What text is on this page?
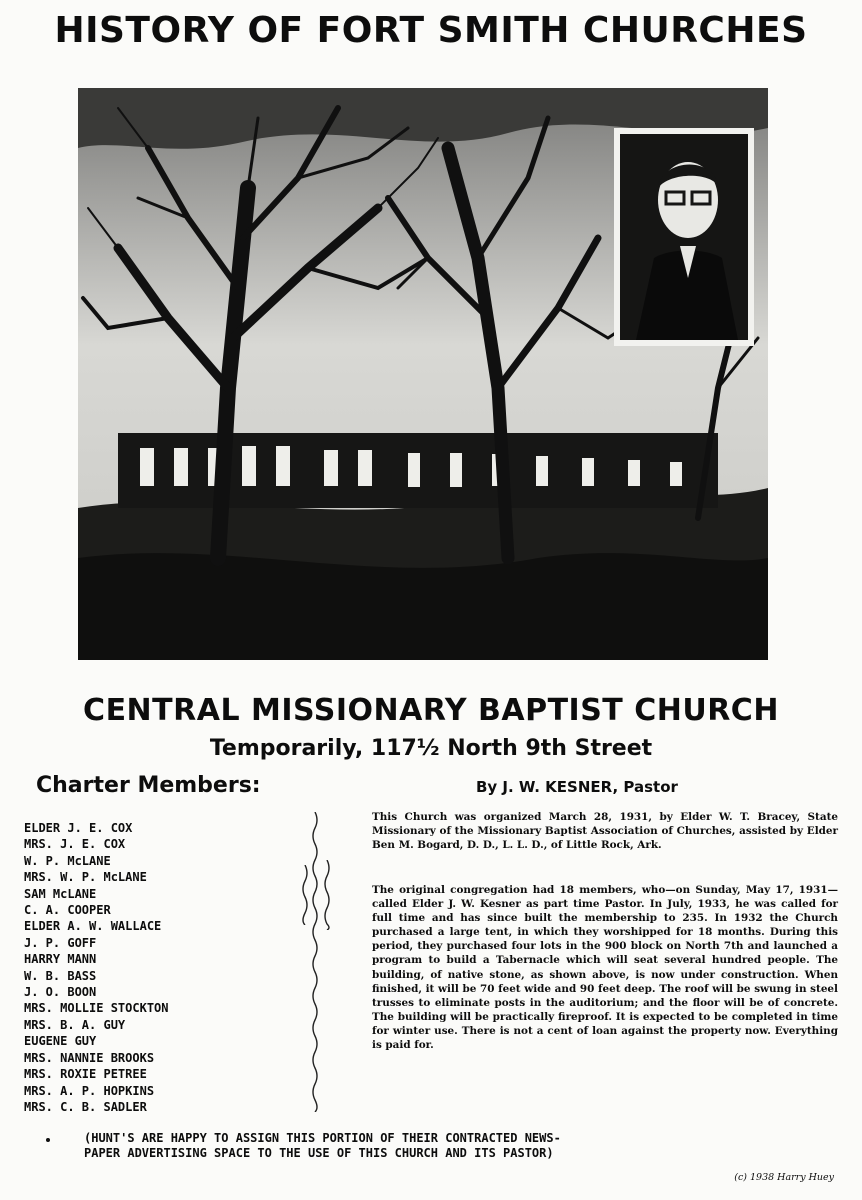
HISTORY OF FORT SMITH CHURCHES
CENTRAL MISSIONARY BAPTIST CHURCH
Temporarily, 117½ North 9th Street
Charter Members:	By J. W. KESNER, Pastor
ELDER J. E. COX
MRS. J. E. COX
W. P. McLANE
MRS. W. P. McLANE
SAM McLANE
C. A. COOPER
ELDER A. W. WALLACE
J. P. GOFF
HARRY MANN
W. B. BASS
J. O. BOON
MRS. MOLLIE STOCKTON
MRS. B. A. GUY
EUGENE GUY
MRS. NANNIE BROOKS
MRS. ROXIE PETREE
MRS. A. P. HOPKINS
MRS. C. B. SADLER

This Church was organized March 28, 1931, by Elder W. T. Bracey, State Missionary of the Missionary Baptist Association of Churches, assisted by Elder Ben M. Bogard, D. D., L. L. D., of Little Rock, Ark.

The original congregation had 18 members, who—on Sunday, May 17, 1931—called Elder J. W. Kesner as part time Pastor. In July, 1933, he was called for full time and has since built the membership to 235. In 1932 the Church purchased a large tent, in which they worshipped for 18 months. During this period, they purchased four lots in the 900 block on North 7th and launched a program to build a Tabernacle which will seat several hundred people. The building, of native stone, as shown above, is now under construction. When finished, it will be 70 feet wide and 90 feet deep. The roof will be swung in steel trusses to eliminate posts in the auditorium; and the floor will be of concrete. The building will be practically fireproof. It is expected to be completed in time for winter use. There is not a cent of loan against the property now. Everything is paid for.

(HUNT'S ARE HAPPY TO ASSIGN THIS PORTION OF THEIR CONTRACTED NEWS-
PAPER ADVERTISING SPACE TO THE USE OF THIS CHURCH AND ITS PASTOR)

(c) 1938 Harry Huey
